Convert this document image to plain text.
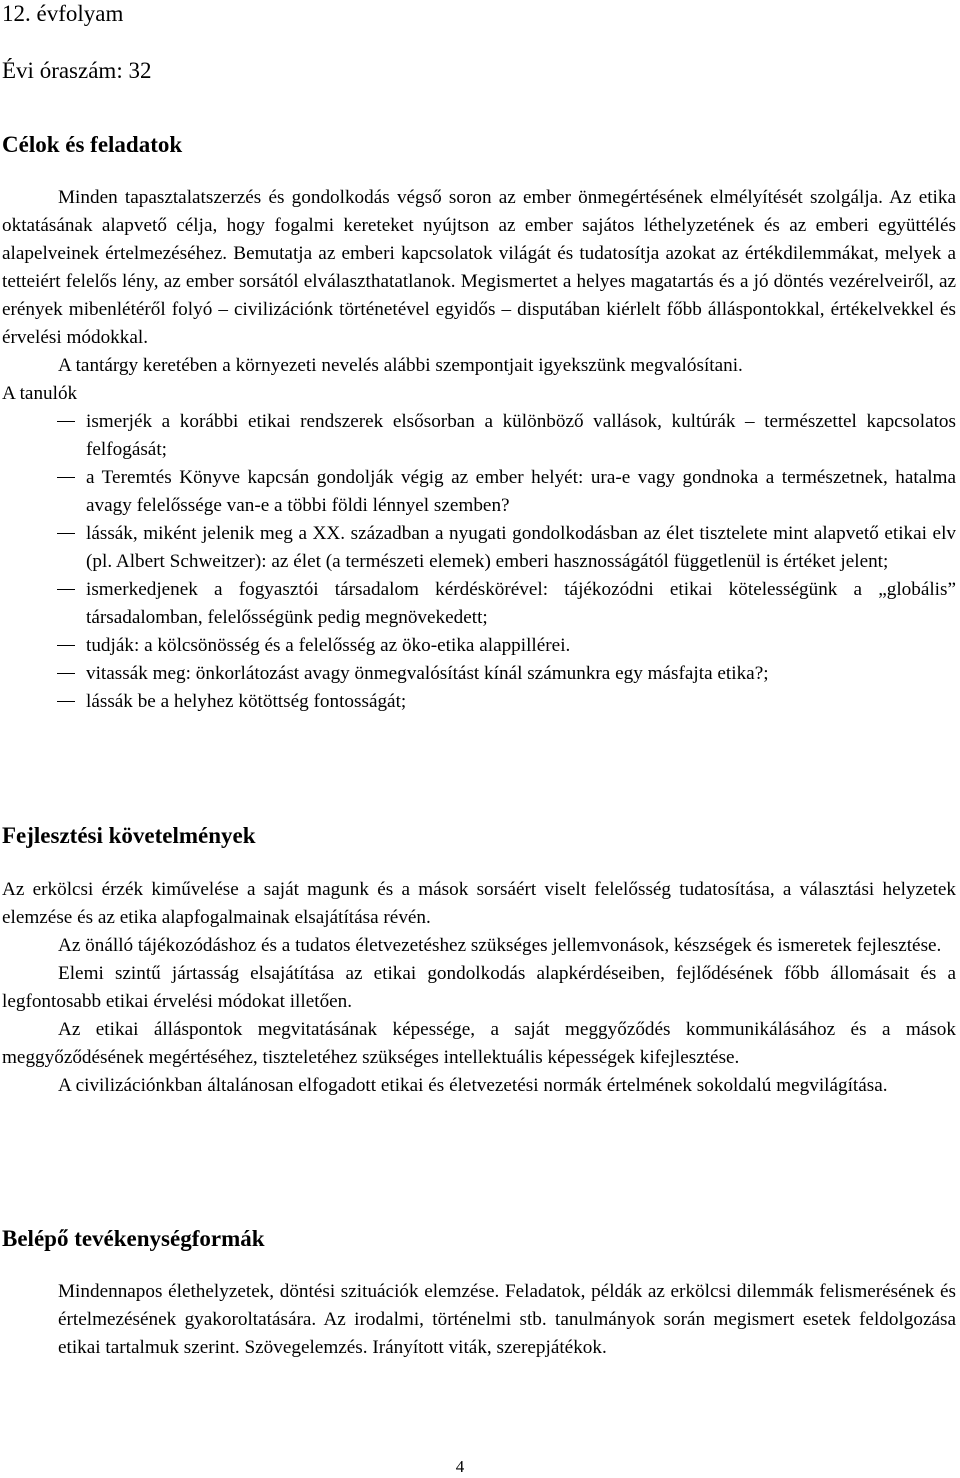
12. évfolyam
Évi óraszám: 32
Célok és feladatok

Minden tapasztalatszerzés és gondolkodás végső soron az ember önmegértésének elmélyítését szolgálja. Az etika oktatásának alapvető célja, hogy fogalmi kereteket nyújtson az ember sajátos léthelyzetének és az emberi együttélés alapelveinek értelmezéséhez. Bemutatja az emberi kapcsolatok világát és tudatosítja azokat az értékdilemmákat, melyek a tetteiért felelős lény, az ember sorsától elválaszthatatlanok. Megismertet a helyes magatartás és a jó döntés vezérelveiről, az erények mibenlétéről folyó – civilizációnk történetével egyidős – disputában kiérlelt főbb álláspontokkal, értékelvekkel és érvelési módokkal.

A tantárgy keretében a környezeti nevelés alábbi szempontjait igyekszünk megvalósítani.

A tanulók

ismerjék a korábbi etikai rendszerek elsősorban a különböző vallások, kultúrák – természettel kapcsolatos felfogását;
a Teremtés Könyve kapcsán gondolják végig az ember helyét: ura-e vagy gondnoka a természetnek, hatalma avagy felelőssége van-e a többi földi lénnyel szemben?
lássák, miként jelenik meg a XX. században a nyugati gondolkodásban az élet tisztelete mint alapvető etikai elv (pl. Albert Schweitzer): az élet (a természeti elemek) emberi hasznosságától függetlenül is értéket jelent;
ismerkedjenek a fogyasztói társadalom kérdéskörével: tájékozódni etikai kötelességünk a „globális” társadalomban, felelősségünk pedig megnövekedett;
tudják: a kölcsönösség és a felelősség az öko-etika alappillérei.
vitassák meg: önkorlátozást avagy önmegvalósítást kínál számunkra egy másfajta etika?;
lássák be a helyhez kötöttség fontosságát;
Fejlesztési követelmények

Az erkölcsi érzék kiművelése a saját magunk és a mások sorsáért viselt felelősség tudatosítása, a választási helyzetek elemzése és az etika alapfogalmainak elsajátítása révén.

Az önálló tájékozódáshoz és a tudatos életvezetéshez szükséges jellemvonások, készségek és ismeretek fejlesztése.

Elemi szintű jártasság elsajátítása az etikai gondolkodás alapkérdéseiben, fejlődésének főbb állomásait és a legfontosabb etikai érvelési módokat illetően.

Az etikai álláspontok megvitatásának képessége, a saját meggyőződés kommunikálásához és a mások meggyőződésének megértéséhez, tiszteletéhez szükséges intellektuális képességek kifejlesztése.

A civilizációnkban általánosan elfogadott etikai és életvezetési normák értelmének sokoldalú megvilágítása.

Belépő tevékenységformák

Mindennapos élethelyzetek, döntési szituációk elemzése. Feladatok, példák az erkölcsi dilemmák felismerésének és értelmezésének gyakoroltatására. Az irodalmi, történelmi stb. tanulmányok során megismert esetek feldolgozása etikai tartalmuk szerint. Szövegelemzés. Irányított viták, szerepjátékok.

4
